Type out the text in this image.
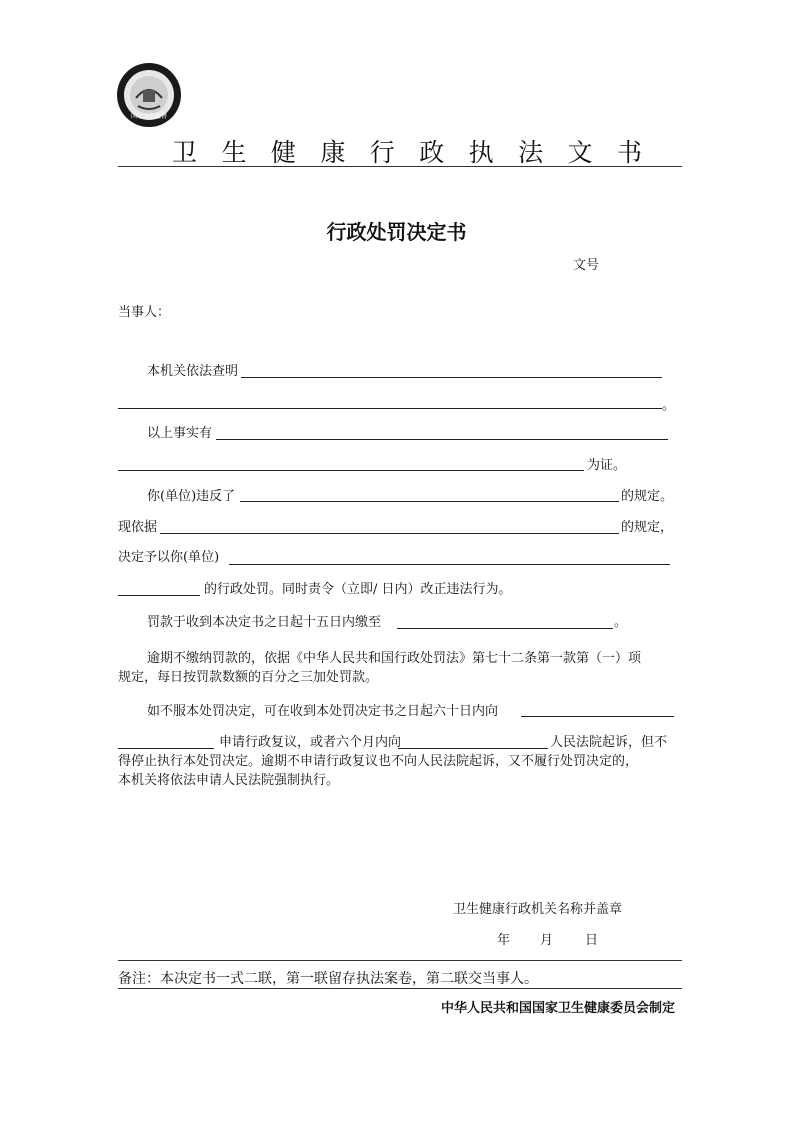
国家卫生监督
卫 生 健 康 行 政 执 法 文 书
行政处罚决定书
文号
当事人：
本机关依法查明
。
以上事实有
为证。
你(单位)违反了	的规定。
现依据	的规定，
决定予以你(单位)
的行政处罚。同时责令（立即/ 日内）改正违法行为。
罚款于收到本决定书之日起十五日内缴至	。
逾期不缴纳罚款的，依据《中华人民共和国行政处罚法》第七十二条第一款第（一）项
规定，每日按罚款数额的百分之三加处罚款。
如不服本处罚决定，可在收到本处罚决定书之日起六十日内向
申请行政复议，或者六个月内向	人民法院起诉，但不
得停止执行本处罚决定。逾期不申请行政复议也不向人民法院起诉，又不履行处罚决定的，
本机关将依法申请人民法院强制执行。
卫生健康行政机关名称并盖章
年 月 日
备注：本决定书一式二联，第一联留存执法案卷，第二联交当事人。
中华人民共和国国家卫生健康委员会制定
